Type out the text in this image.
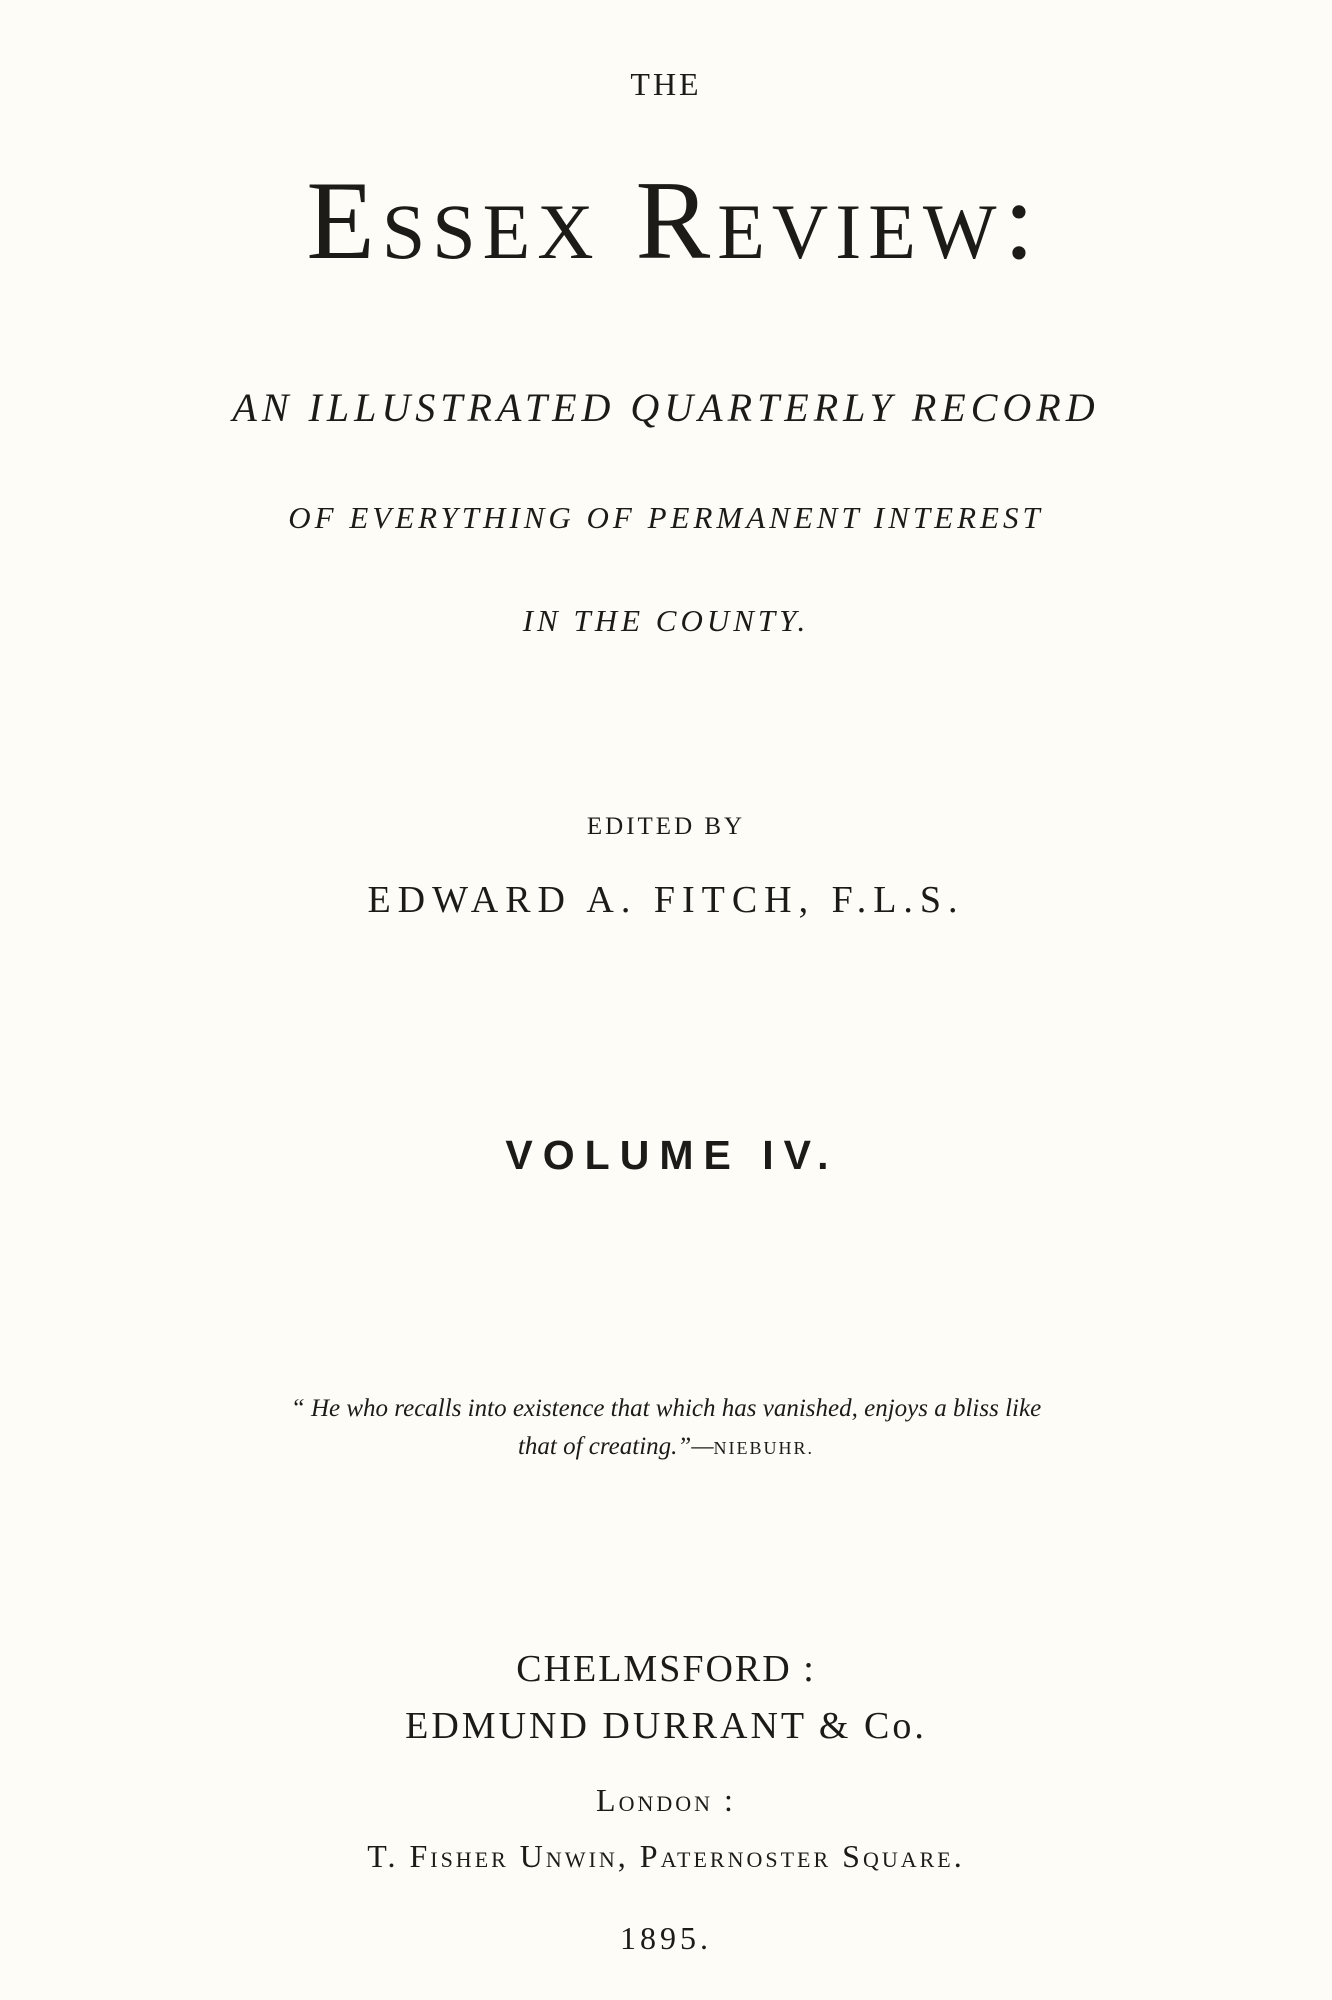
THE
Essex Review:
AN ILLUSTRATED QUARTERLY RECORD
OF EVERYTHING OF PERMANENT INTEREST
IN THE COUNTY.
EDITED BY
EDWARD A. FITCH, F.L.S.
VOLUME IV.
“ He who recalls into existence that which has vanished, enjoys a bliss like
that of creating.”—NIEBUHR.
CHELMSFORD :
EDMUND DURRANT & Co.
London :
T. Fisher Unwin, Paternoster Square.
1895.
